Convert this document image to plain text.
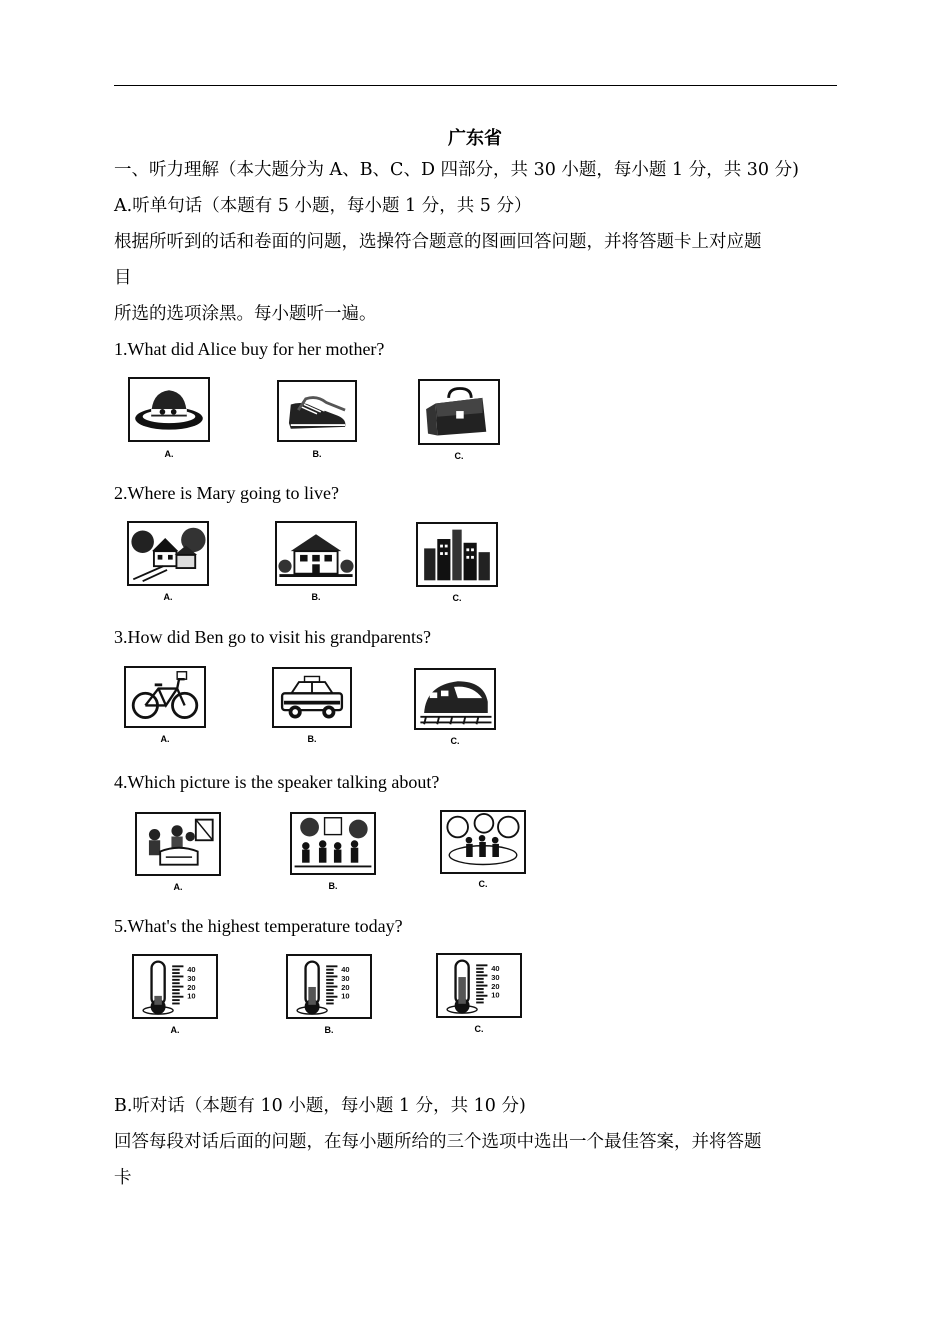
广东省
一、听力理解（本大题分为 A、B、C、D 四部分，共 30 小题，每小题 1 分，共 30 分)
A.听单句话（本题有 5 小题，每小题 1 分，共 5 分）
根据所听到的话和卷面的问题，选操符合题意的图画回答问题，并将答题卡上对应题
目
所选的选项涂黑。每小题听一遍。
1.What did Alice buy for her mother?
A.	B.	C.
2.Where is Mary going to live?
A.	B.	C.
3.How did Ben go to visit his grandparents?
A.	B.	C.
4.Which picture is the speaker talking about?
A.	B.	C.
5.What's the highest temperature today?
40
30
20
10
A.
40
30
20
10
B.
40
30
20
10
C.
B.听对话（本题有 10 小题，每小题 1 分，共 10 分)
回答每段对话后面的问题，在每小题所给的三个选项中选出一个最佳答案，并将答题
卡
